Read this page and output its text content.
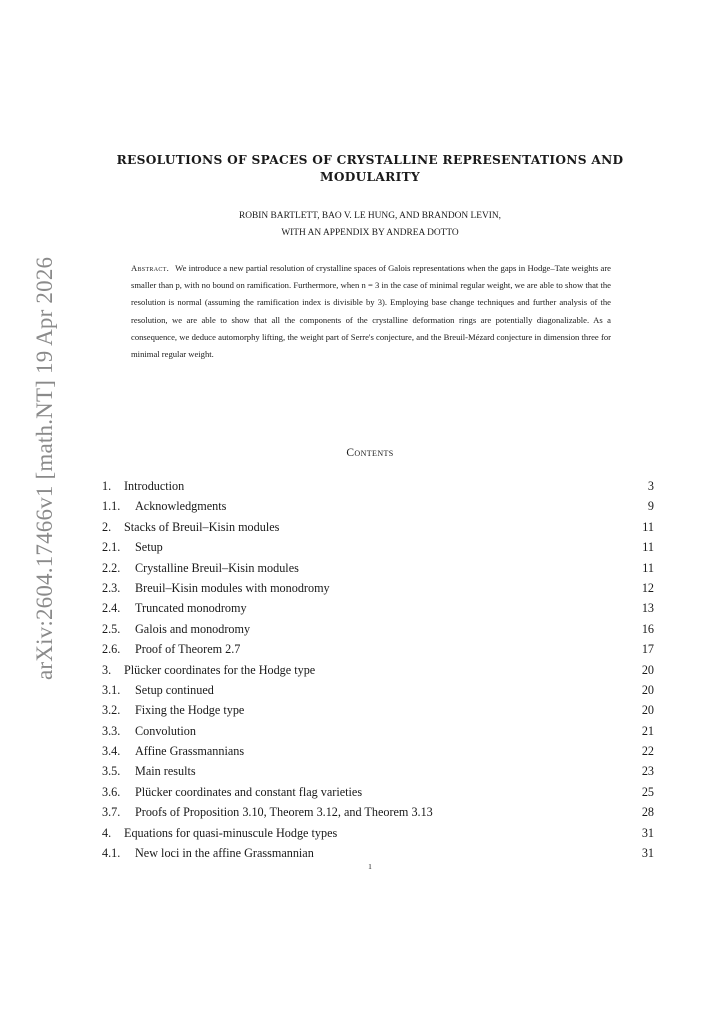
arXiv:2604.17466v1 [math.NT] 19 Apr 2026
RESOLUTIONS OF SPACES OF CRYSTALLINE REPRESENTATIONS AND
MODULARITY
ROBIN BARTLETT, BAO V. LE HUNG, AND BRANDON LEVIN,
WITH AN APPENDIX BY ANDREA DOTTO
Abstract. We introduce a new partial resolution of crystalline spaces of Galois representations when the gaps in Hodge–Tate weights are smaller than p, with no bound on ramification. Furthermore, when n = 3 in the case of minimal regular weight, we are able to show that the resolution is normal (assuming the ramification index is divisible by 3). Employing base change techniques and further analysis of the resolution, we are able to show that all the components of the crystalline deformation rings are potentially diagonalizable. As a consequence, we deduce automorphy lifting, the weight part of Serre's conjecture, and the Breuil-Mézard conjecture in dimension three for minimal regular weight.
Contents
1. Introduction	3
1.1. Acknowledgments	9
2. Stacks of Breuil–Kisin modules	11
2.1. Setup	11
2.2. Crystalline Breuil–Kisin modules	11
2.3. Breuil–Kisin modules with monodromy	12
2.4. Truncated monodromy	13
2.5. Galois and monodromy	16
2.6. Proof of Theorem 2.7	17
3. Plücker coordinates for the Hodge type	20
3.1. Setup continued	20
3.2. Fixing the Hodge type	20
3.3. Convolution	21
3.4. Affine Grassmannians	22
3.5. Main results	23
3.6. Plücker coordinates and constant flag varieties	25
3.7. Proofs of Proposition 3.10, Theorem 3.12, and Theorem 3.13	28
4. Equations for quasi-minuscule Hodge types	31
4.1. New loci in the affine Grassmannian	31
1
